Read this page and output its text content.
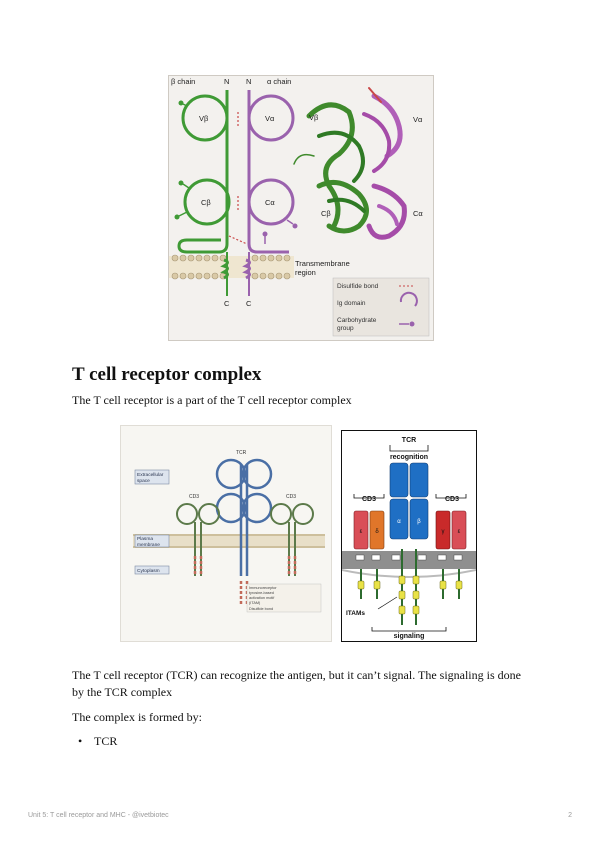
β chain	N N α chain
Vβ	Vα
Cβ	Cα
Vβ	Vα
Cβ	Cα
Transmembrane
region
C C
Disulfide bond
Ig domain
Carbohydrate
group
T cell receptor complex

The T cell receptor is a part of the T cell receptor complex

Extracellular
space
Plasma
membrane
Cytoplasm
TCR
CD3	CD3
Immunoreceptor
tyrosine-based
activation motif
(ITAM)
Disulfide bond
TCR
recognition
CD3	CD3
α	β
ε δ	γ ε
ITAMs
signaling

The T cell receptor (TCR) can recognize the antigen, but it can’t signal. The signaling is done by the TCR complex

The complex is formed by:

• TCR
Unit 5: T cell receptor and MHC - @ivetbiotec	2
